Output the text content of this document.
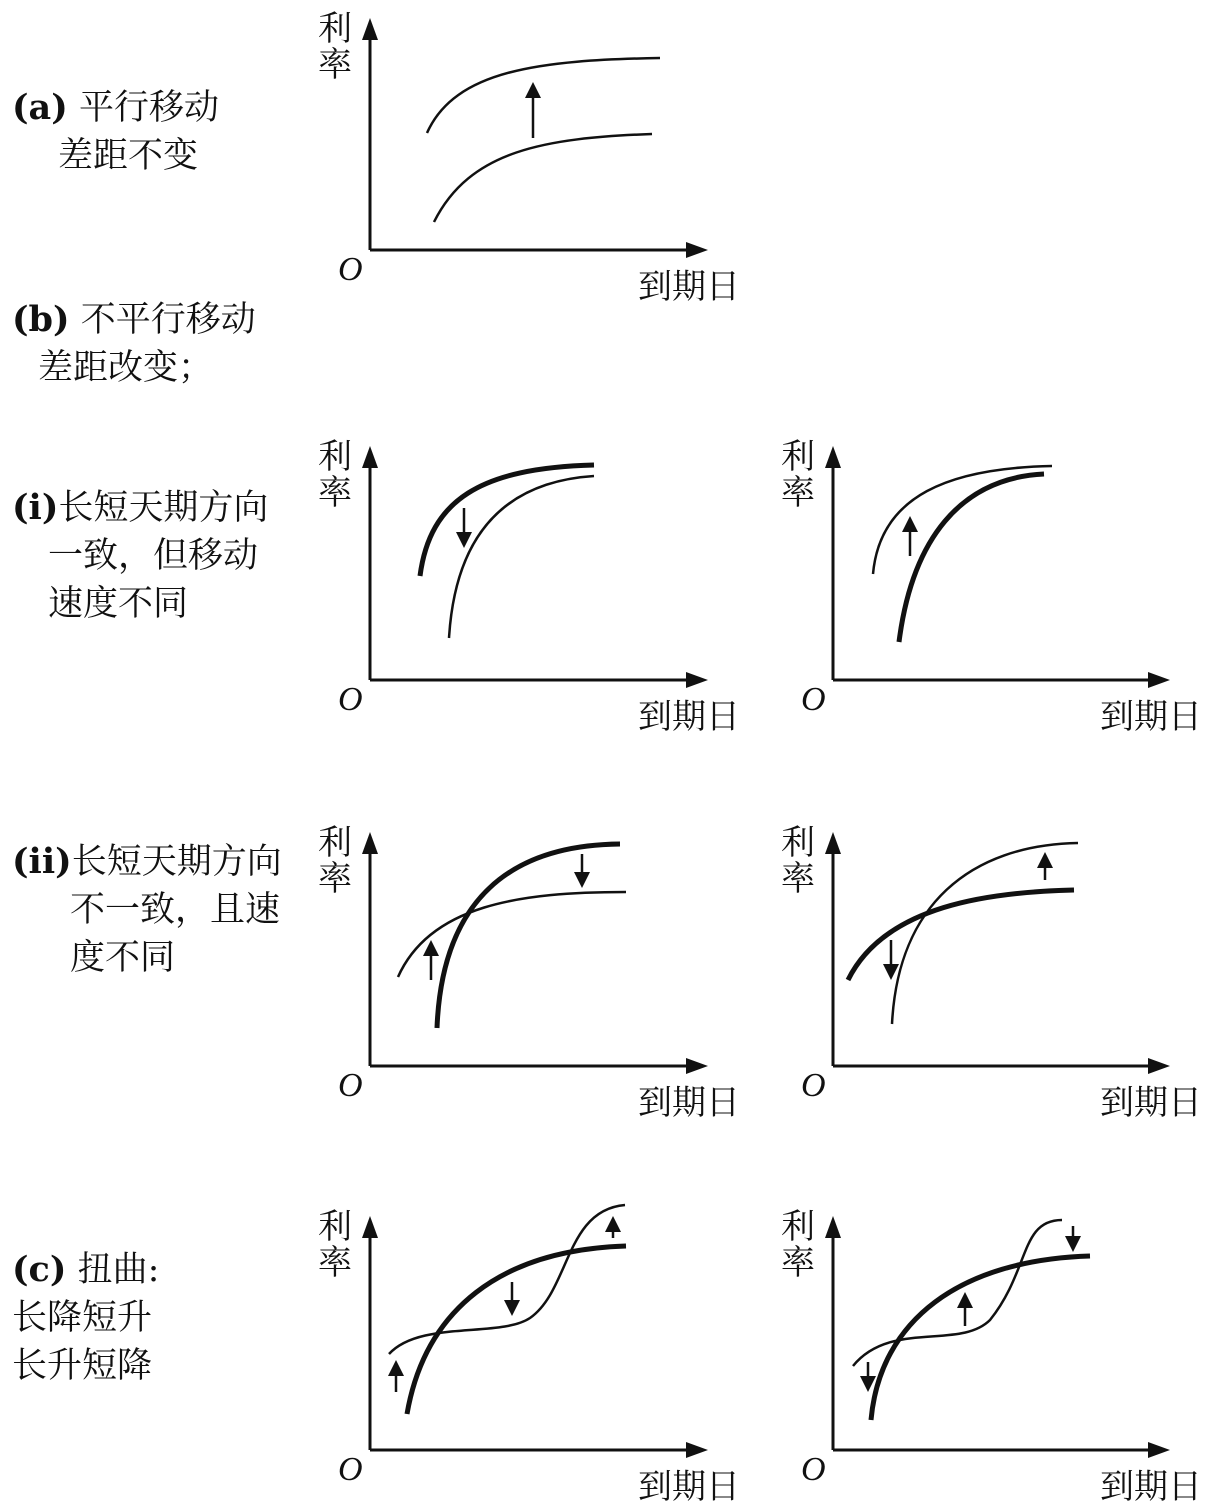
(a) 平行移动
差距不变
(b) 不平行移动
差距改变；
(i)长短天期方向
一致，但移动
速度不同
(ii)长短天期方向
不一致，且速
度不同
(c) 扭曲:
长降短升
长升短降
利
率
到期日
O
利
率
到期日
O
利
率
到期日
O
利
率
到期日
O
利
率
到期日
O
利
率
到期日
O
利
率
到期日
O
